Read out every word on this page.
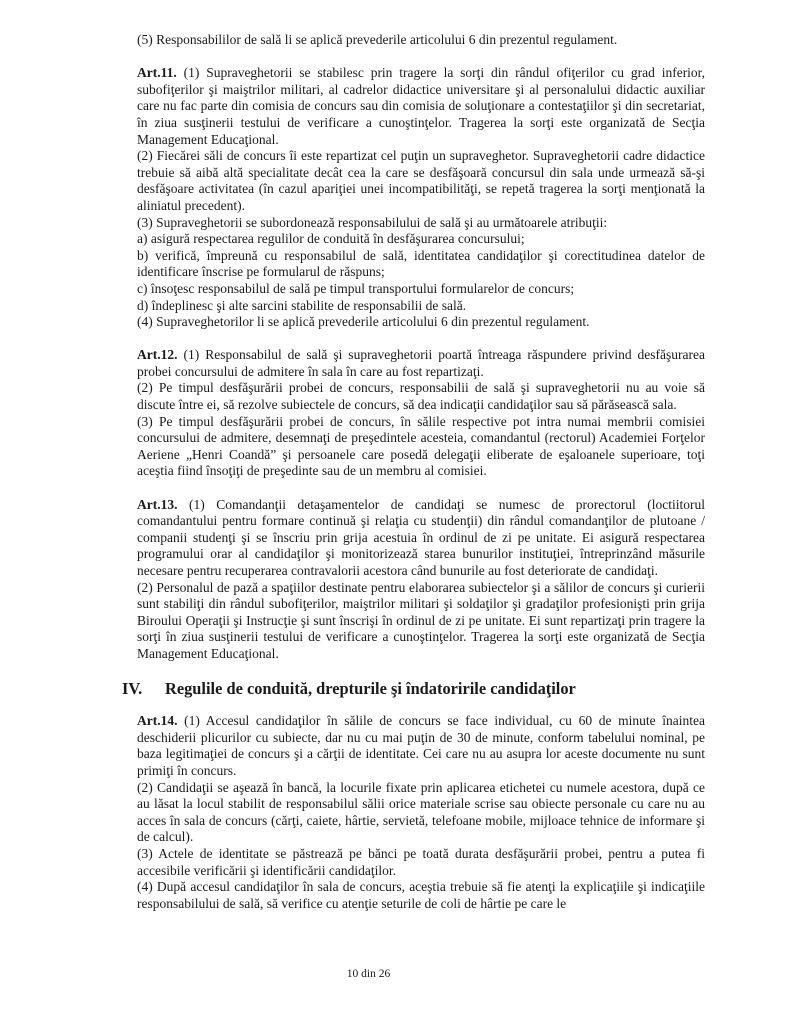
(5) Responsabililor de sală li se aplică prevederile articolului 6 din prezentul regulament.

Art.11. (1) Supraveghetorii se stabilesc prin tragere la sorţi din rândul ofiţerilor cu grad inferior, subofiţerilor şi maiştrilor militari, al cadrelor didactice universitare şi al personalului didactic auxiliar care nu fac parte din comisia de concurs sau din comisia de soluţionare a contestaţiilor şi din secretariat, în ziua susţinerii testului de verificare a cunoştinţelor. Tragerea la sorţi este organizată de Secţia Management Educaţional.

(2) Fiecărei săli de concurs îi este repartizat cel puţin un supraveghetor. Supraveghetorii cadre didactice trebuie să aibă altă specialitate decât cea la care se desfăşoară concursul din sala unde urmează să-şi desfăşoare activitatea (în cazul apariţiei unei incompatibilităţi, se repetă tragerea la sorţi menţionată la aliniatul precedent).

(3) Supraveghetorii se subordonează responsabilului de sală şi au următoarele atribuţii:

a) asigură respectarea regulilor de conduită în desfăşurarea concursului;

b) verifică, împreună cu responsabilul de sală, identitatea candidaţilor şi corectitudinea datelor de identificare înscrise pe formularul de răspuns;

c) însoţesc responsabilul de sală pe timpul transportului formularelor de concurs;

d) îndeplinesc şi alte sarcini stabilite de responsabilii de sală.

(4) Supraveghetorilor li se aplică prevederile articolului 6 din prezentul regulament.

Art.12. (1) Responsabilul de sală şi supraveghetorii poartă întreaga răspundere privind desfăşurarea probei concursului de admitere în sala în care au fost repartizaţi.

(2) Pe timpul desfăşurării probei de concurs, responsabilii de sală şi supraveghetorii nu au voie să discute între ei, să rezolve subiectele de concurs, să dea indicaţii candidaţilor sau să părăsească sala.

(3) Pe timpul desfăşurării probei de concurs, în sălile respective pot intra numai membrii comisiei concursului de admitere, desemnaţi de preşedintele acesteia, comandantul (rectorul) Academiei Forţelor Aeriene „Henri Coandă” şi persoanele care posedă delegaţii eliberate de eşaloanele superioare, toţi aceştia fiind însoţiţi de preşedinte sau de un membru al comisiei.

Art.13. (1) Comandanţii detaşamentelor de candidaţi se numesc de prorectorul (loctiitorul comandantului pentru formare continuă şi relaţia cu studenţii) din rândul comandanţilor de plutoane / companii studenţi şi se înscriu prin grija acestuia în ordinul de zi pe unitate. Ei asigură respectarea programului orar al candidaţilor şi monitorizează starea bunurilor instituţiei, întreprinzând măsurile necesare pentru recuperarea contravalorii acestora când bunurile au fost deteriorate de candidaţi.

(2) Personalul de pază a spaţiilor destinate pentru elaborarea subiectelor şi a sălilor de concurs şi curierii sunt stabiliţi din rândul subofiţerilor, maiştrilor militari şi soldaţilor şi gradaţilor profesionişti prin grija Biroului Operaţii şi Instrucţie şi sunt înscrişi în ordinul de zi pe unitate. Ei sunt repartizaţi prin tragere la sorţi în ziua susţinerii testului de verificare a cunoştinţelor. Tragerea la sorţi este organizată de Secţia Management Educaţional.

IV.	Regulile de conduită, drepturile şi îndatoririle candidaţilor

Art.14. (1) Accesul candidaţilor în sălile de concurs se face individual, cu 60 de minute înaintea deschiderii plicurilor cu subiecte, dar nu cu mai puţin de 30 de minute, conform tabelului nominal, pe baza legitimaţiei de concurs şi a cărţii de identitate. Cei care nu au asupra lor aceste documente nu sunt primiţi în concurs.

(2) Candidaţii se aşează în bancă, la locurile fixate prin aplicarea etichetei cu numele acestora, după ce au lăsat la locul stabilit de responsabilul sălii orice materiale scrise sau obiecte personale cu care nu au acces în sala de concurs (cărţi, caiete, hârtie, servietă, telefoane mobile, mijloace tehnice de informare şi de calcul).

(3) Actele de identitate se păstrează pe bănci pe toată durata desfăşurării probei, pentru a putea fi accesibile verificării şi identificării candidaţilor.

(4) După accesul candidaţilor în sala de concurs, aceştia trebuie să fie atenţi la explicaţiile şi indicaţiile responsabilului de sală, să verifice cu atenţie seturile de coli de hârtie pe care le

10 din 26
